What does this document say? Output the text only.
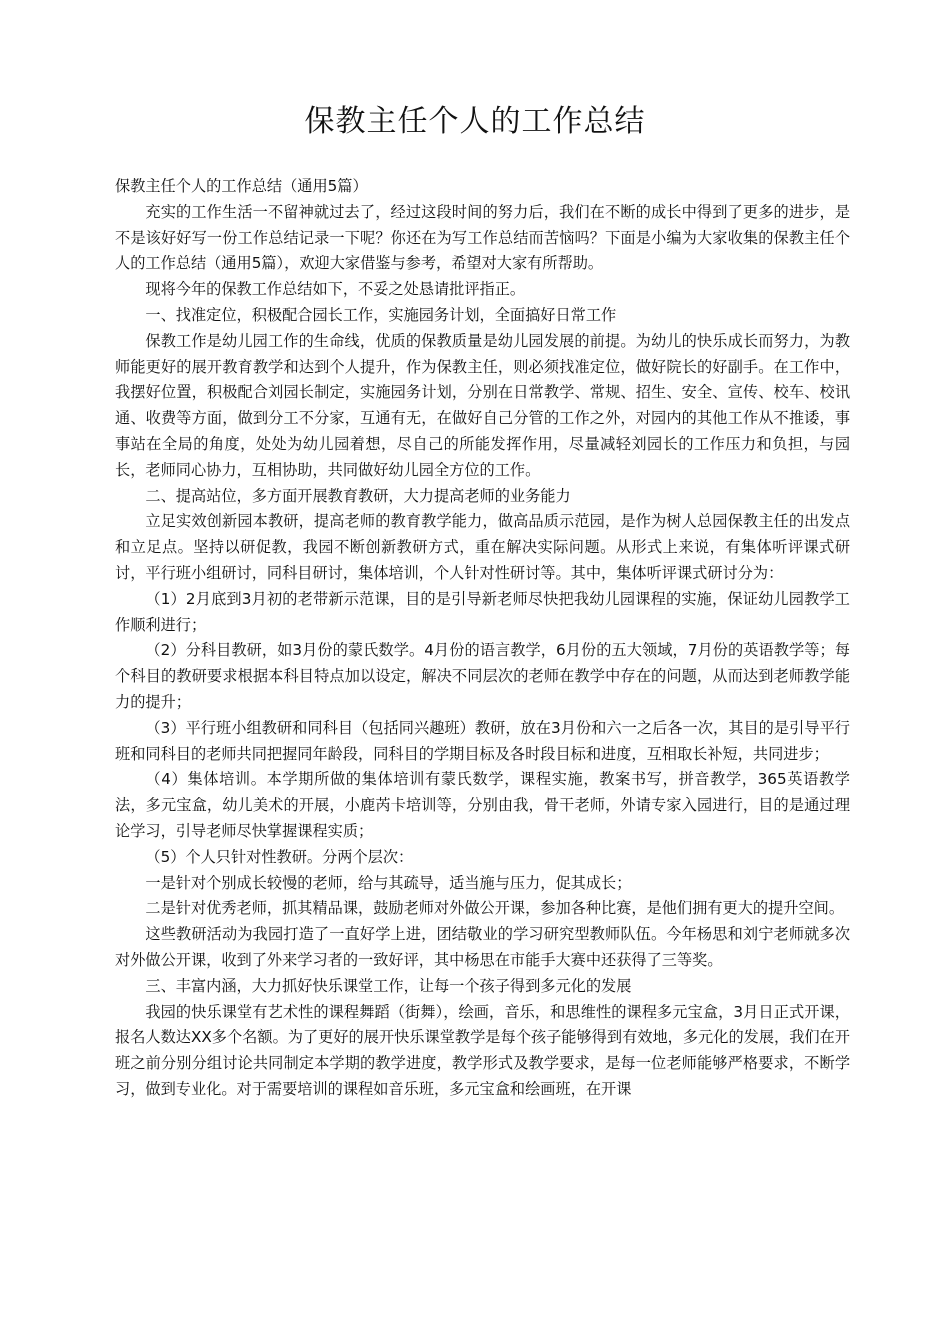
保教主任个人的工作总结

保教主任个人的工作总结（通用5篇）

充实的工作生活一不留神就过去了，经过这段时间的努力后，我们在不断的成长中得到了更多的进步，是不是该好好写一份工作总结记录一下呢？你还在为写工作总结而苦恼吗？下面是小编为大家收集的保教主任个人的工作总结（通用5篇），欢迎大家借鉴与参考，希望对大家有所帮助。

现将今年的保教工作总结如下，不妥之处恳请批评指正。

一、找准定位，积极配合园长工作，实施园务计划，全面搞好日常工作

保教工作是幼儿园工作的生命线，优质的保教质量是幼儿园发展的前提。为幼儿的快乐成长而努力，为教师能更好的展开教育教学和达到个人提升，作为保教主任，则必须找准定位，做好院长的好副手。在工作中，我摆好位置，积极配合刘园长制定，实施园务计划，分别在日常教学、常规、招生、安全、宣传、校车、校讯通、收费等方面，做到分工不分家，互通有无，在做好自己分管的工作之外，对园内的其他工作从不推诿，事事站在全局的角度，处处为幼儿园着想，尽自己的所能发挥作用，尽量减轻刘园长的工作压力和负担，与园长，老师同心协力，互相协助，共同做好幼儿园全方位的工作。

二、提高站位，多方面开展教育教研，大力提高老师的业务能力

立足实效创新园本教研，提高老师的教育教学能力，做高品质示范园，是作为树人总园保教主任的出发点和立足点。坚持以研促教，我园不断创新教研方式，重在解决实际问题。从形式上来说，有集体听评课式研讨，平行班小组研讨，同科目研讨，集体培训，个人针对性研讨等。其中，集体听评课式研讨分为：

（1）2月底到3月初的老带新示范课，目的是引导新老师尽快把我幼儿园课程的实施，保证幼儿园教学工作顺利进行；

（2）分科目教研，如3月份的蒙氏数学。4月份的语言教学，6月份的五大领域，7月份的英语教学等；每个科目的教研要求根据本科目特点加以设定，解决不同层次的老师在教学中存在的问题，从而达到老师教学能力的提升；

（3）平行班小组教研和同科目（包括同兴趣班）教研，放在3月份和六一之后各一次，其目的是引导平行班和同科目的老师共同把握同年龄段，同科目的学期目标及各时段目标和进度，互相取长补短，共同进步；

（4）集体培训。本学期所做的集体培训有蒙氏数学，课程实施，教案书写，拼音教学，365英语教学法，多元宝盒，幼儿美术的开展，小鹿芮卡培训等，分别由我，骨干老师，外请专家入园进行，目的是通过理论学习，引导老师尽快掌握课程实质；

（5）个人只针对性教研。分两个层次：

一是针对个别成长较慢的老师，给与其疏导，适当施与压力，促其成长；

二是针对优秀老师，抓其精品课，鼓励老师对外做公开课，参加各种比赛，是他们拥有更大的提升空间。

这些教研活动为我园打造了一直好学上进，团结敬业的学习研究型教师队伍。今年杨思和刘宁老师就多次对外做公开课，收到了外来学习者的一致好评，其中杨思在市能手大赛中还获得了三等奖。

三、丰富内涵，大力抓好快乐课堂工作，让每一个孩子得到多元化的发展

我园的快乐课堂有艺术性的课程舞蹈（街舞），绘画，音乐，和思维性的课程多元宝盒，3月日正式开课，报名人数达XX多个名额。为了更好的展开快乐课堂教学是每个孩子能够得到有效地，多元化的发展，我们在开班之前分别分组讨论共同制定本学期的教学进度，教学形式及教学要求，是每一位老师能够严格要求，不断学习，做到专业化。对于需要培训的课程如音乐班，多元宝盒和绘画班，在开课
